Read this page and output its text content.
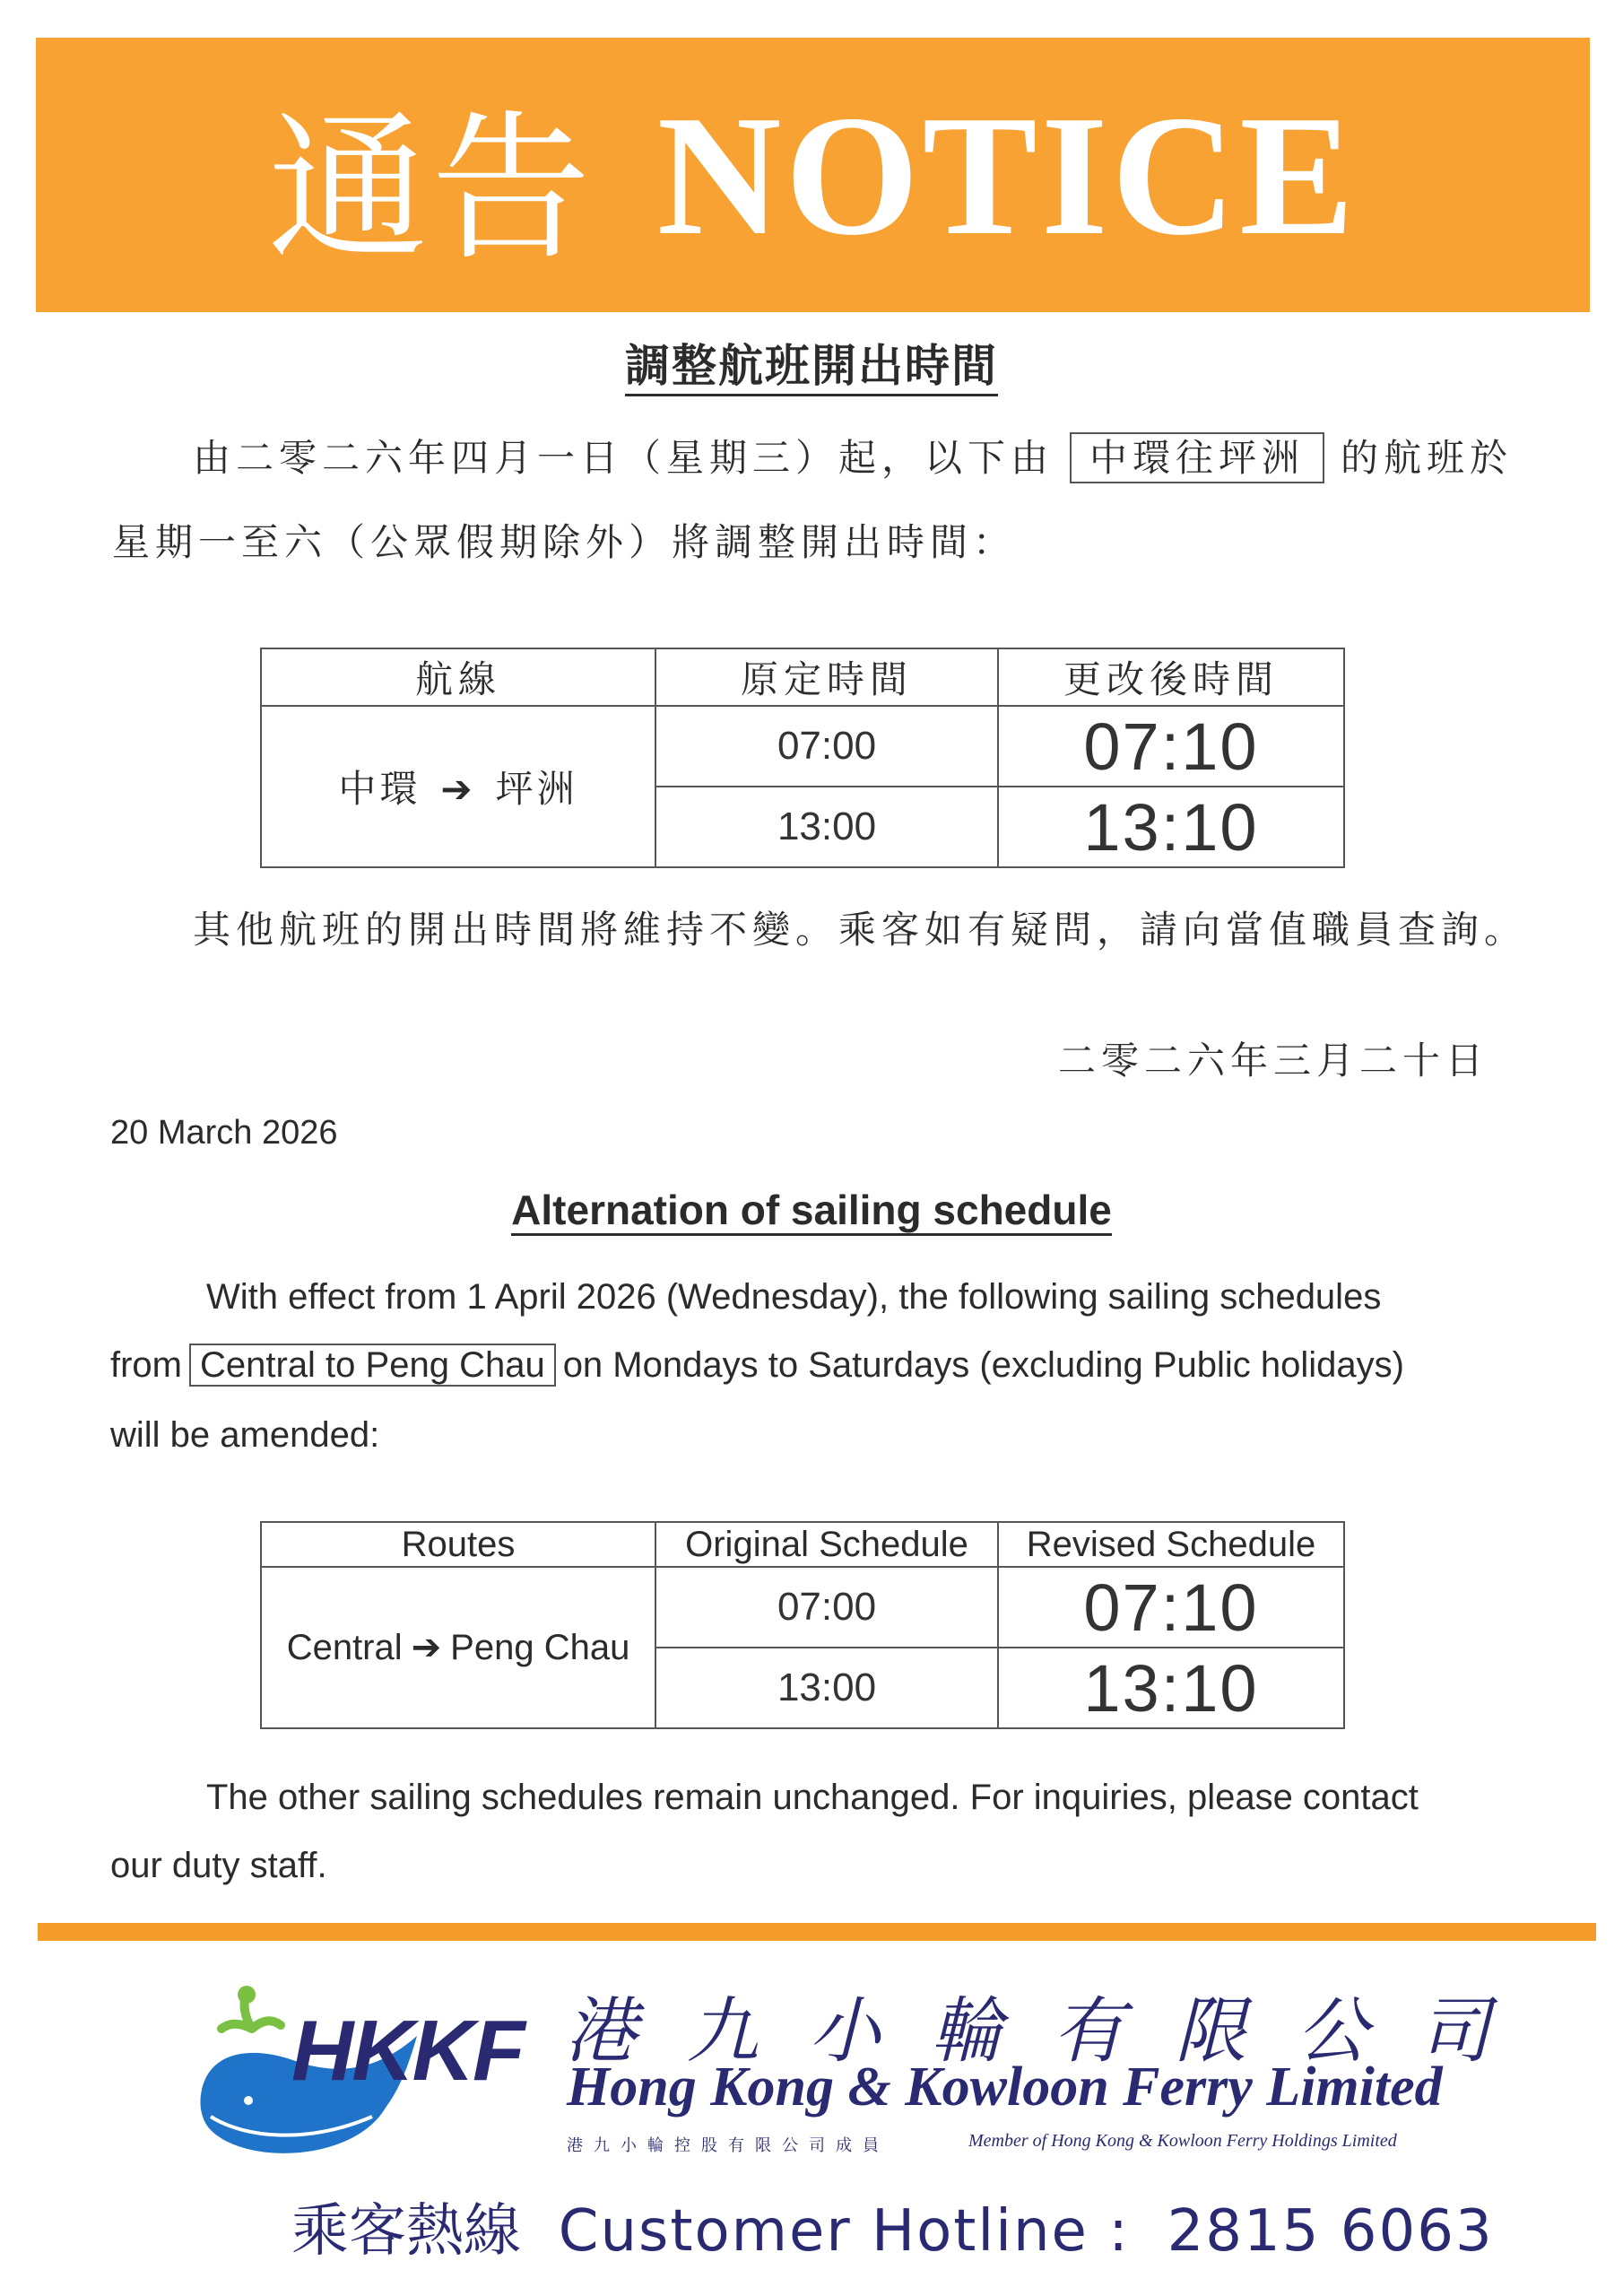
通告 NOTICE
調整航班開出時間
由二零二六年四月一日（星期三）起，以下由 中環往坪洲 的航班於
星期一至六（公眾假期除外）將調整開出時間：
航線	原定時間	更改後時間
中環 ➔ 坪洲	07:00	07:10
	13:00	13:10
其他航班的開出時間將維持不變。乘客如有疑問，請向當值職員查詢。
二零二六年三月二十日
20 March 2026
Alternation of sailing schedule
With effect from 1 April 2026 (Wednesday), the following sailing schedules
from Central to Peng Chau on Mondays to Saturdays (excluding Public holidays)
will be amended:
Routes	Original Schedule	Revised Schedule
Central ➔ Peng Chau	07:00	07:10
	13:00	13:10
The other sailing schedules remain unchanged. For inquiries, please contact
our duty staff.
HKKF 港九小輪有限公司
Hong Kong & Kowloon Ferry Limited
港九小輪控股有限公司成員	Member of Hong Kong & Kowloon Ferry Holdings Limited
乘客熱線 Customer Hotline : 2815 6063
